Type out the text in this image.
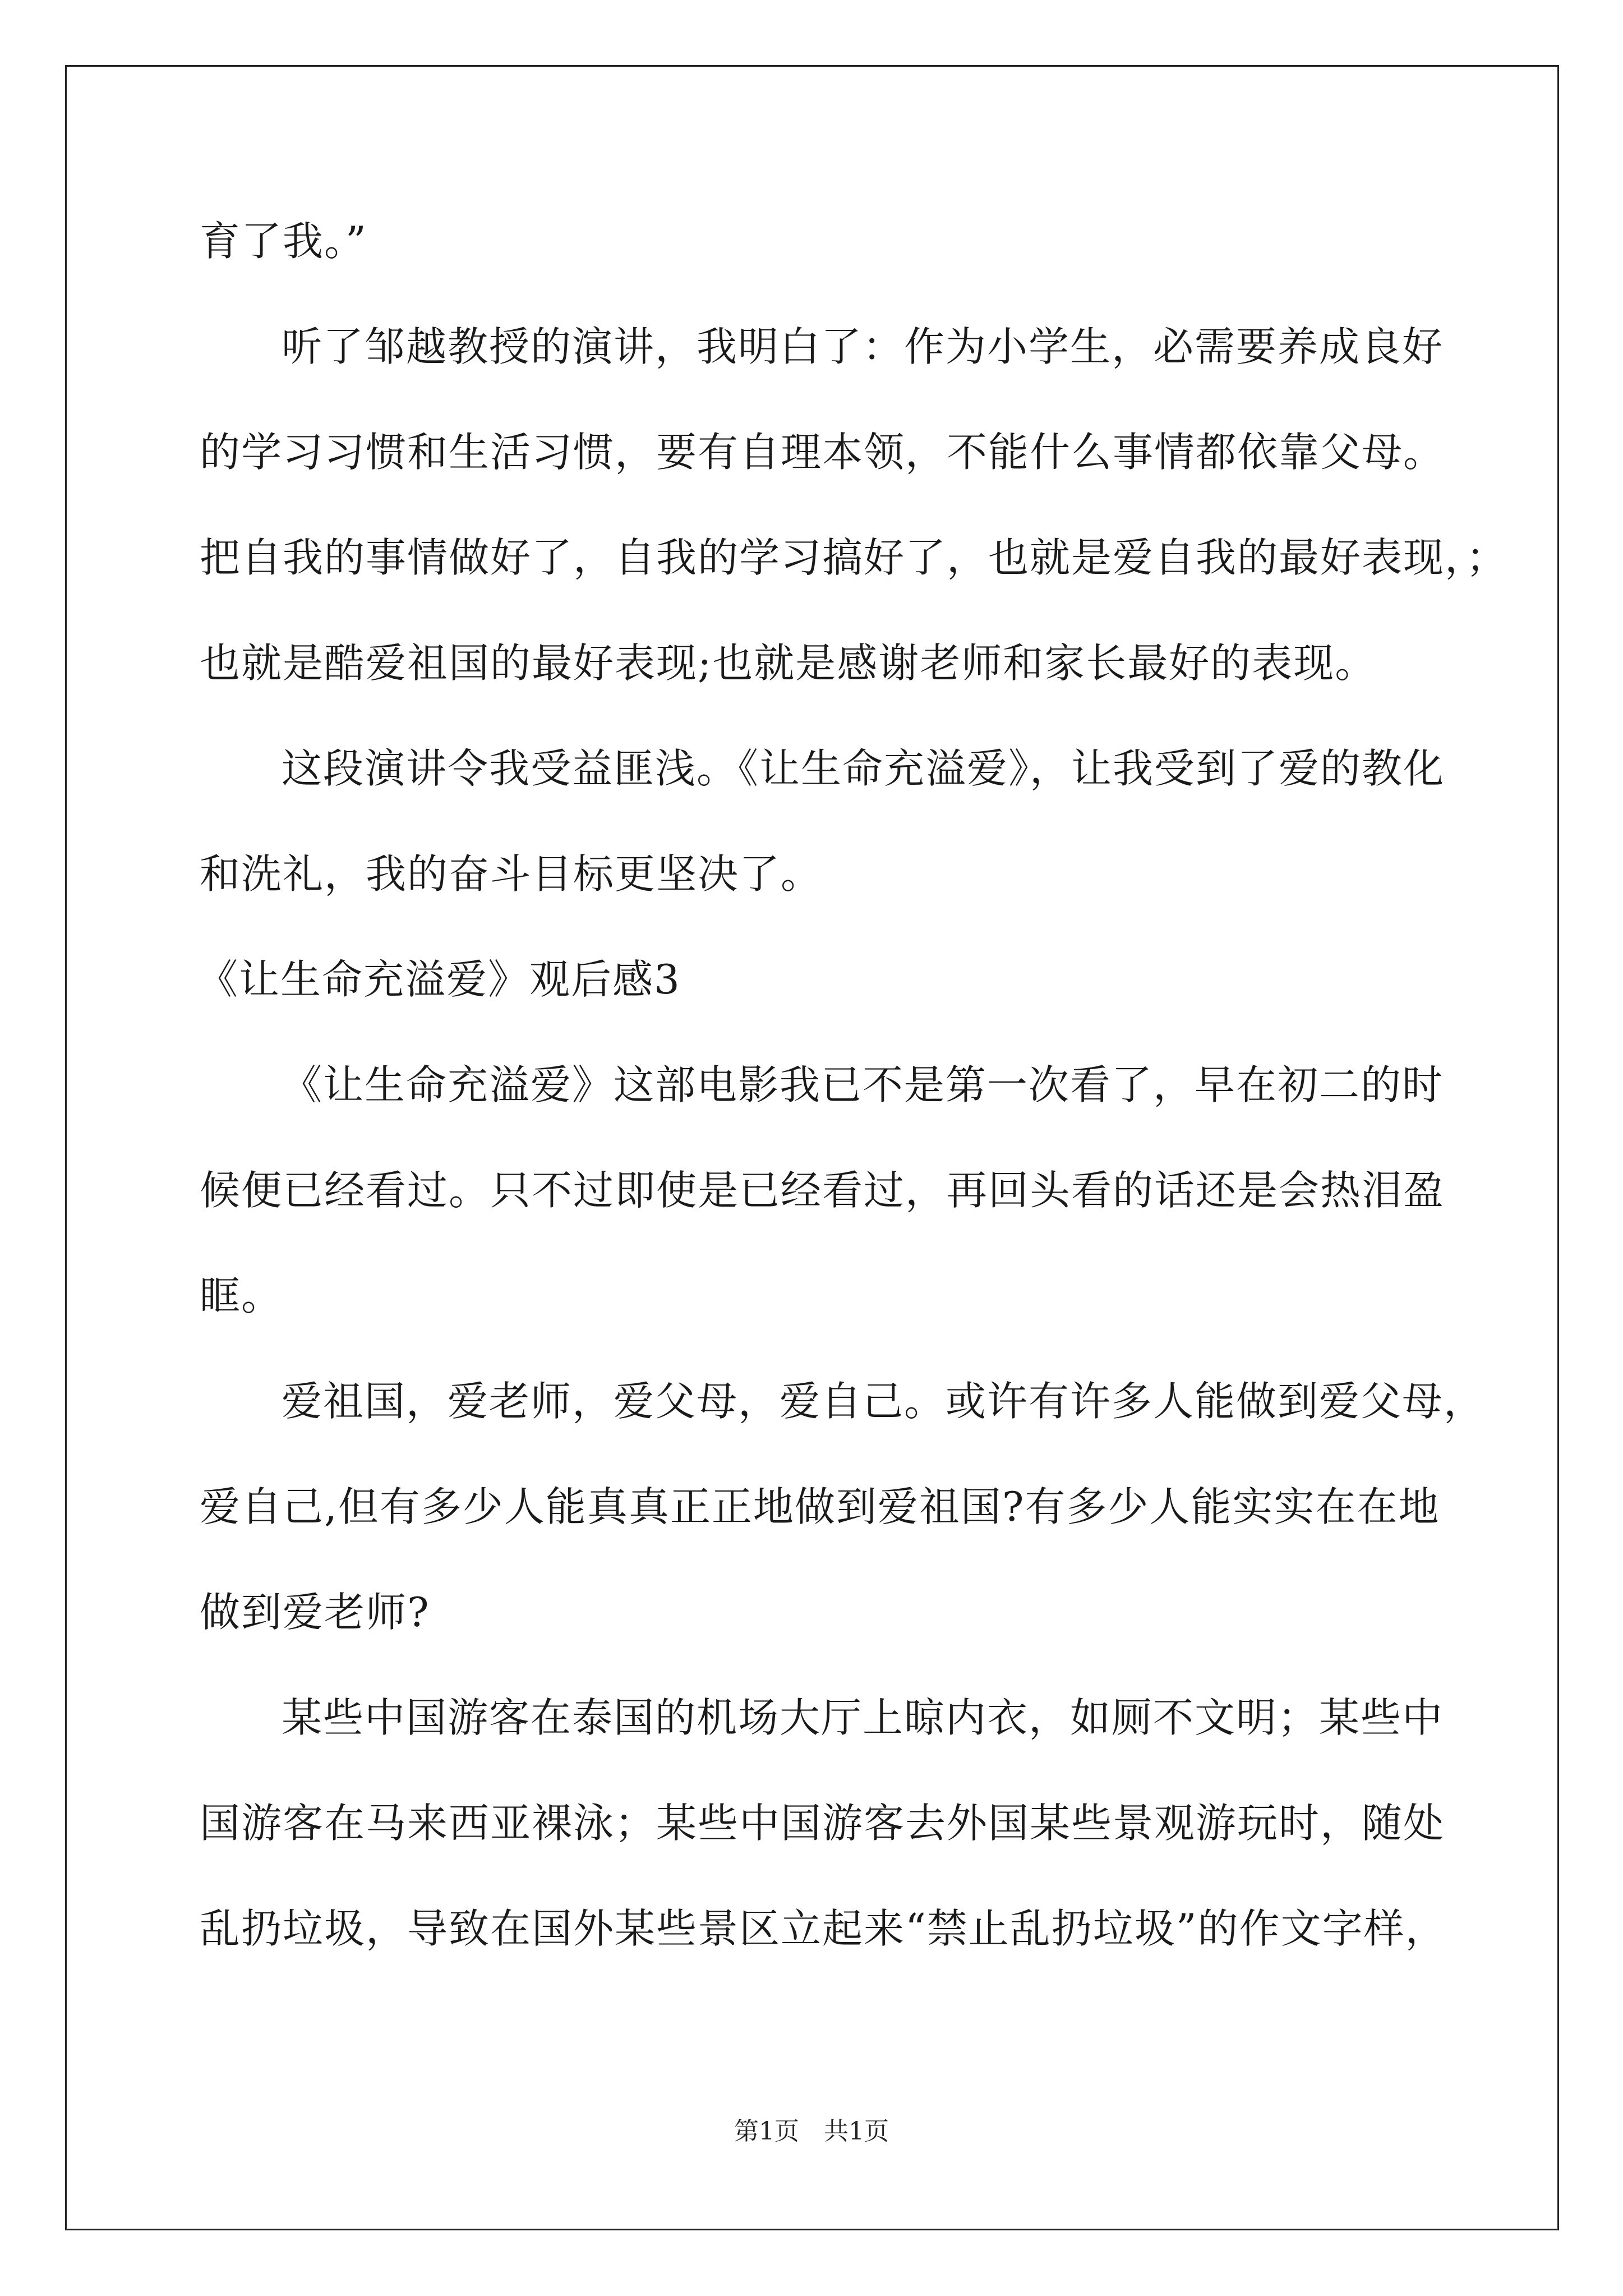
育了我。”
听了邹越教授的演讲，我明白了：作为小学生，必需要养成良好
的学习习惯和生活习惯，要有自理本领，不能什么事情都依靠父母。
把自我的事情做好了，自我的学习搞好了，也就是爱自我的最好表现，；
也就是酷爱祖国的最好表现;也就是感谢老师和家长最好的表现。
这段演讲令我受益匪浅。《让生命充溢爱》，让我受到了爱的教化
和洗礼，我的奋斗目标更坚决了。
《让生命充溢爱》观后感3
《让生命充溢爱》这部电影我已不是第一次看了，早在初二的时
候便已经看过。只不过即使是已经看过，再回头看的话还是会热泪盈
眶。
爱祖国，爱老师，爱父母，爱自己。或许有许多人能做到爱父母，
爱自己,但有多少人能真真正正地做到爱祖国?有多少人能实实在在地
做到爱老师?
某些中国游客在泰国的机场大厅上晾内衣，如厕不文明；某些中
国游客在马来西亚裸泳；某些中国游客去外国某些景观游玩时，随处
乱扔垃圾，导致在国外某些景区立起来“禁止乱扔垃圾”的作文字样，
第1页　共1页
